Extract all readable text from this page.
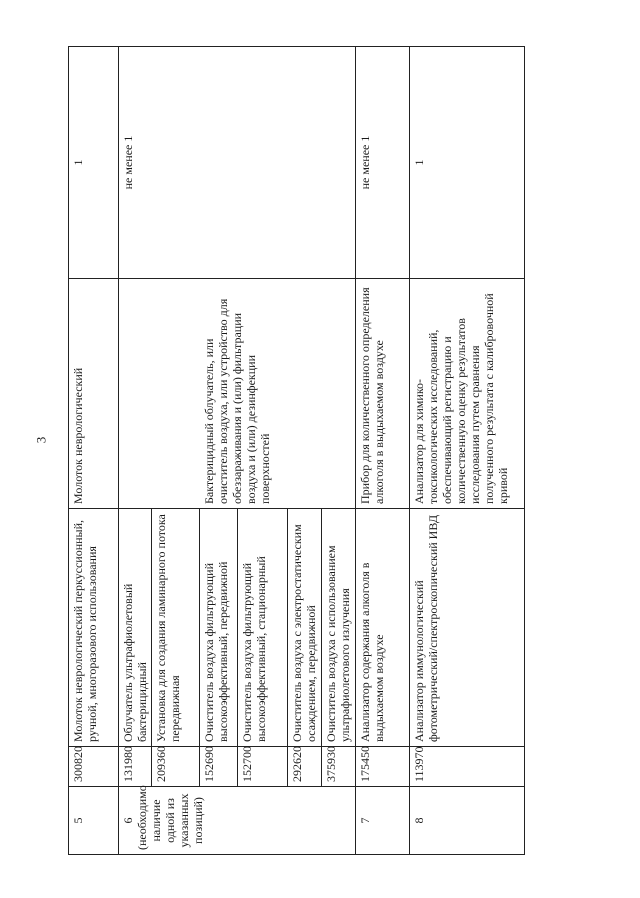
3
5	300820	Молоток неврологический перкуссионный, ручной, многоразового использования	Молоток неврологический	1

6 (необходимо наличие одной из указанных позиций)	131980	Облучатель ультрафиолетовый бактерицидный	Бактерицидный облучатель, или очиститель воздуха, или устройство для обеззараживания и (или) фильтрации воздуха и (или) дезинфекции поверхностей	не менее 1
	209360	Установка для создания ламинарного потока передвижная		
	152690	Очиститель воздуха фильтрующий высокоэффективный, передвижной		
	152700	Очиститель воздуха фильтрующий высокоэффективный, стационарный		
	292620	Очиститель воздуха с электростатическим осаждением, передвижной		
	375930	Очиститель воздуха с использованием ультрафиолетового излучения		
7	175450	Анализатор содержания алкоголя в выдыхаемом воздухе	Прибор для количественного определения алкоголя в выдыхаемом воздухе	не менее 1
8	113970	Анализатор иммунологический фотометрический/спектроскопический ИВД	Анализатор для химико-токсикологических исследований, обеспечивающий регистрацию и количественную оценку результатов исследования путем сравнения полученного результата с калибровочной кривой	1
